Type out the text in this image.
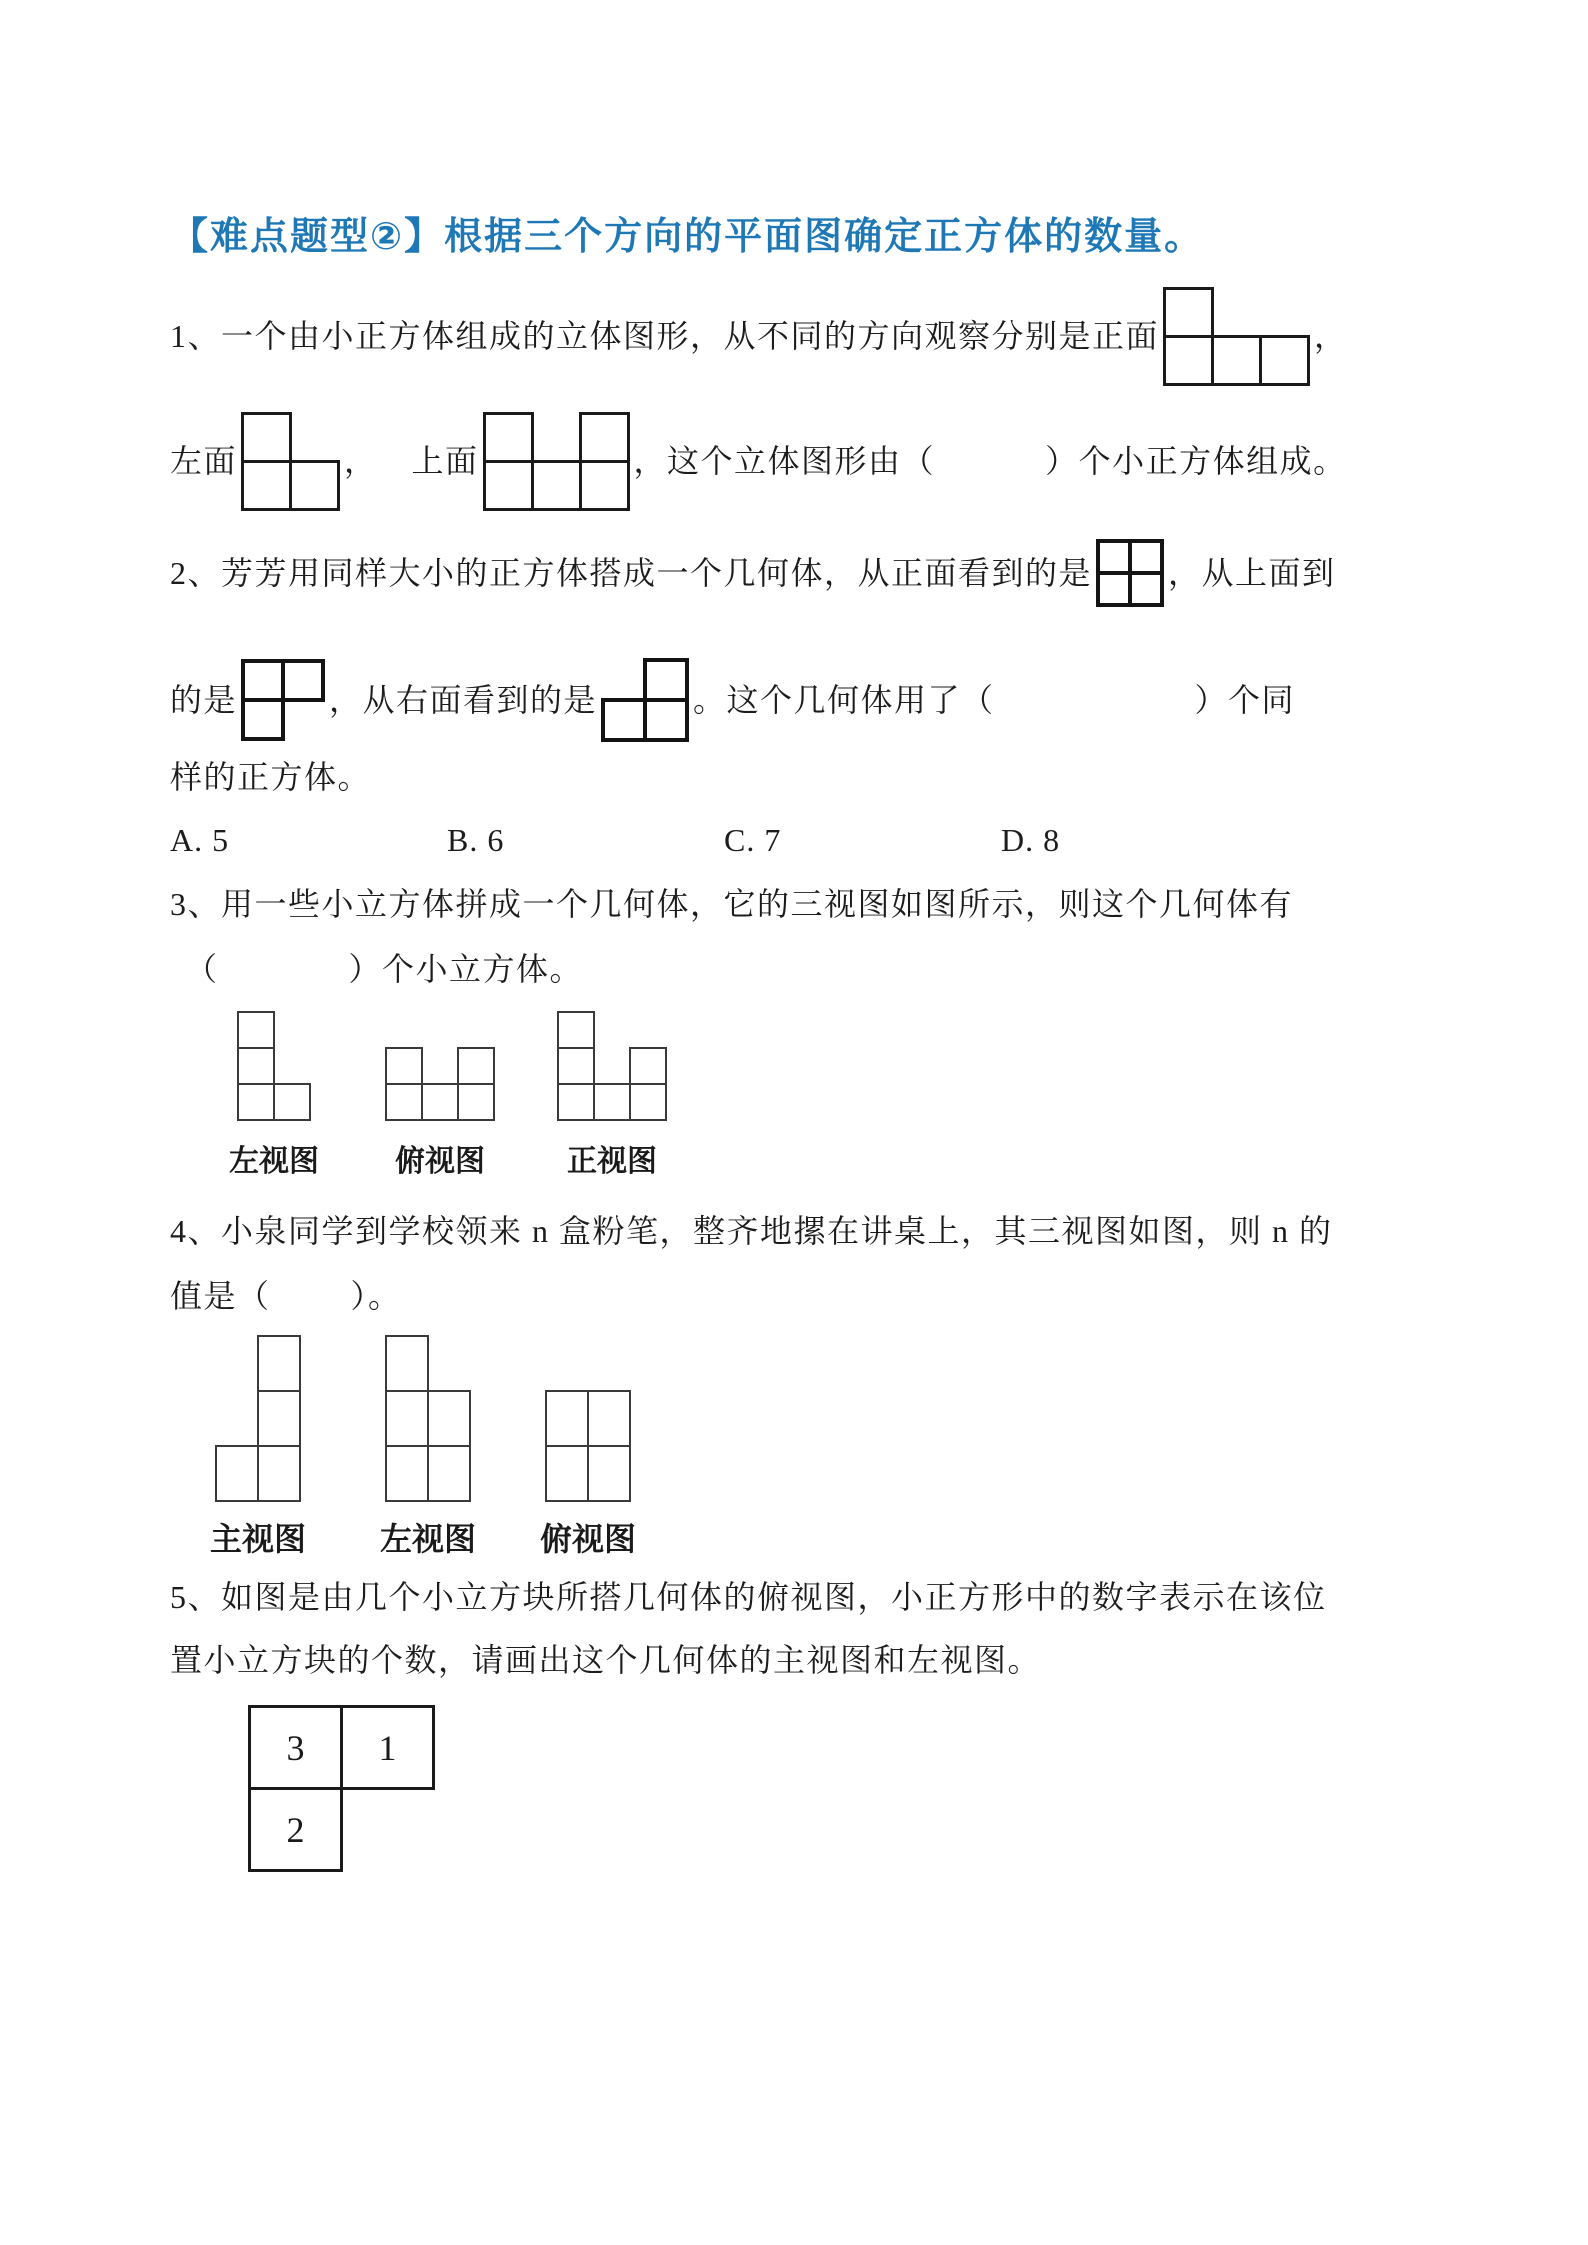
【难点题型②】根据三个方向的平面图确定正方体的数量。
1、一个由小正方体组成的立体图形，从不同的方向观察分别是正面	，
左面	， 上面	，这个立体图形由（	）个小正方体组成。
2、芳芳用同样大小的正方体搭成一个几何体，从正面看到的是 ，从上面到
的是	，从右面看到的是	。这个几何体用了（	）个同
样的正方体。
A. 5	B. 6	C. 7	D. 8
3、用一些小立方体拼成一个几何体，它的三视图如图所示，则这个几何体有
（	）个小立方体。
左视图	俯视图	正视图
4、小泉同学到学校领来 n 盒粉笔，整齐地摞在讲桌上，其三视图如图，则 n 的
值是（	）。
主视图	左视图	俯视图
5、如图是由几个小立方块所搭几何体的俯视图，小正方形中的数字表示在该位
置小立方块的个数，请画出这个几何体的主视图和左视图。
3	1
2
